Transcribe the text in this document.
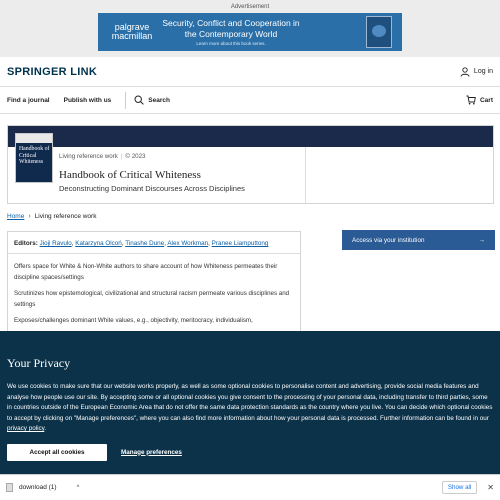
Advertisement
palgrave
macmillan
Security, Conflict and Cooperation in the Contemporary World
Learn more about this book series.
SPRINGER LINK	Log in
Find a journal Publish with us	Search	Cart
Handbook of Critical Whiteness
Living reference work | © 2023
Handbook of Critical Whiteness
Deconstructing Dominant Discourses Across Disciplines
Home › Living reference work
Editors: Jioji Ravulo, Katarzyna Olcoń, Tinashe Dune, Alex Workman, Pranee Liamputtong
Offers space for White & Non-White authors to share account of how Whiteness permeates their discipline spaces/settings
Scrutinizes how epistemological, civilizational and structural racism permeate various disciplines and settings
Exposes/challenges dominant White values, e.g., objectivity, meritocracy, individualism,
Access via your institution	→
Your Privacy

We use cookies to make sure that our website works properly, as well as some optional cookies to personalise content and advertising, provide social media features and analyse how people use our site. By accepting some or all optional cookies you give consent to the processing of your personal data, including transfer to third parties, some in countries outside of the European Economic Area that do not offer the same data protection standards as the country where you live. You can decide which optional cookies to accept by clicking on "Manage preferences", where you can also find more information about how your personal data is processed. Further information can be found in our privacy policy.

Accept all cookies	Manage preferences
download (1)	^	Show all	✕
